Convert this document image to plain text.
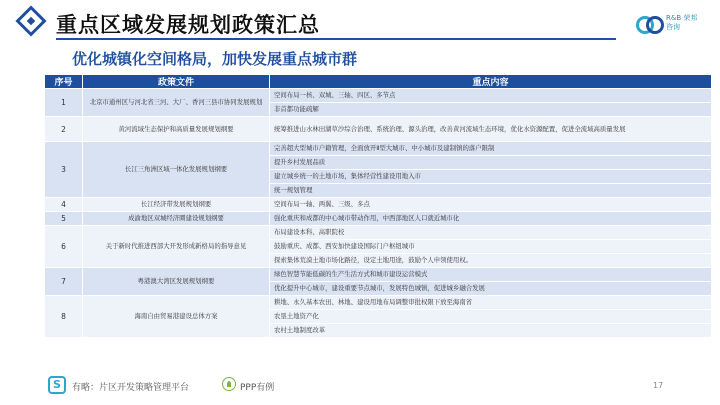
重点区域发展规划政策汇总	R&B 荣邦咨询
优化城镇化空间格局，加快发展重点城市群
序号	政策文件	重点内容
1	北京市通州区与河北省三河、大厂、香河三县市协同发展规划	空间布局一核、双城、三轴、四区、多节点
		非首都功能疏解
2	黄河流域生态保护和高质量发展规划纲要	统筹推进山水林田湖草沙综合治理、系统治理、源头治理，改善黄河流域生态环境，优化水资源配置，促进全流域高质量发展
3	长江三角洲区域一体化发展规划纲要	完善超大型城市户籍管理，全面放开Ⅱ型大城市、中小城市及建制镇的落户限制
		提升乡村发展品质
		建立城乡统一的土地市场，集体经营性建设用地入市
		统一规划管理
4	长江经济带发展规划纲要	空间布局一轴、两翼、三级、多点
5	成渝地区双城经济圈建设规划纲要	强化重庆和成都的中心城市带动作用，中西部地区人口就近城市化
6	关于新时代推进西部大开发形成新格局的指导意见	布局建设本科、高职院校
		鼓励重庆、成都、西安加快建设国际门户枢纽城市
		探索集体荒漠土地市场化路径，设定土地用途，鼓励个人申领使用权。
7	粤港澳大湾区发展规划纲要	绿色智慧节能低碳的生产生活方式和城市建设运营模式
		优化提升中心城市，建设重要节点城市，发展特色城镇，促进城乡融合发展
8	海南自由贸易港建设总体方案	耕地、永久基本农田、林地、建设用地布局调整审批权限下放至海南省
		农垦土地资产化
		农村土地制度改革
S	有略：片区开发策略管理平台	PPP有例	17
